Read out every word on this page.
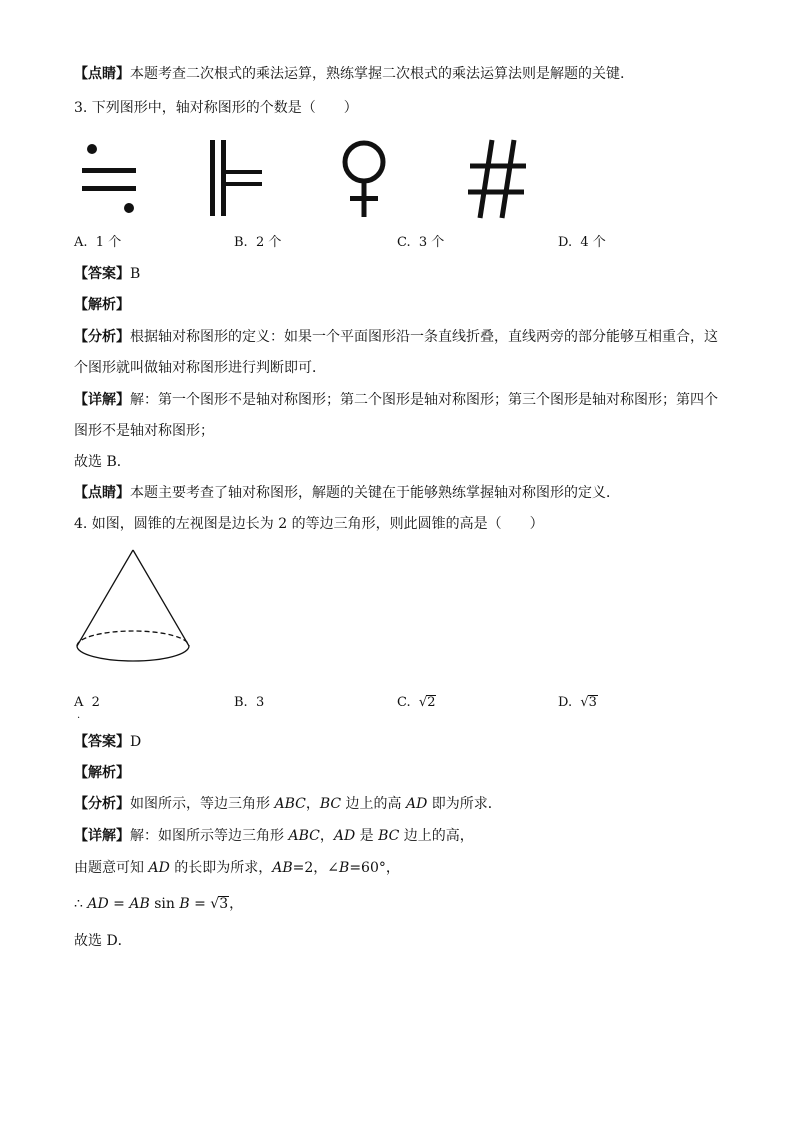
【点睛】本题考查二次根式的乘法运算，熟练掌握二次根式的乘法运算法则是解题的关键.
3. 下列图形中，轴对称图形的个数是（　　）
A. 1 个	B. 2 个	C. 3 个	D. 4 个
【答案】B
【解析】
【分析】根据轴对称图形的定义：如果一个平面图形沿一条直线折叠，直线两旁的部分能够互相重合，这
个图形就叫做轴对称图形进行判断即可．
【详解】解：第一个图形不是轴对称图形；第二个图形是轴对称图形；第三个图形是轴对称图形；第四个
图形不是轴对称图形；
故选 B．
【点睛】本题主要考查了轴对称图形，解题的关键在于能够熟练掌握轴对称图形的定义．
4. 如图，圆锥的左视图是边长为 2 的等边三角形，则此圆锥的高是（　　）
A 2
.
B. 3	C. √2	D. √3
【答案】D
【解析】
【分析】如图所示，等边三角形 ABC，BC 边上的高 AD 即为所求．
【详解】解：如图所示等边三角形 ABC，AD 是 BC 边上的高，
由题意可知 AD 的长即为所求，AB=2，∠B=60°，
∴ AD = AB sin B = √3，
故选 D．
